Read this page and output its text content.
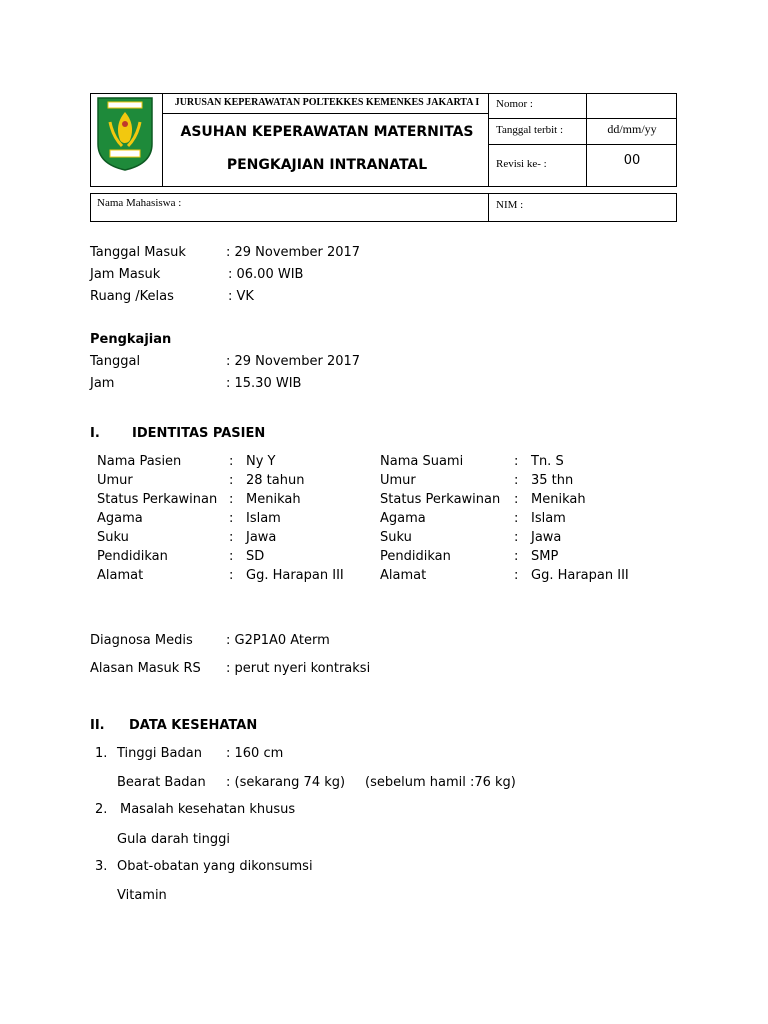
JURUSAN KEPERAWATAN POLTEKKES KEMENKES JAKARTA I
ASUHAN KEPERAWATAN MATERNITAS
PENGKAJIAN INTRANATAL
Nomor :
Tanggal terbit :	dd/mm/yy
Revisi ke- :	00
Nama Mahasiswa :	NIM :
Tanggal Masuk	: 29 November 2017
Jam Masuk	: 06.00 WIB
Ruang /Kelas	: VK
Pengkajian
Tanggal	: 29 November 2017
Jam	: 15.30 WIB
I. IDENTITAS PASIEN
Nama Pasien	: Ny Y	Nama Suami	: Tn. S
Umur	: 28 tahun	Umur	: 35 thn
Status Perkawinan : Menikah	Status Perkawinan : Menikah
Agama	: Islam	Agama	: Islam
Suku	: Jawa	Suku	: Jawa
Pendidikan	: SD	Pendidikan	: SMP
Alamat	: Gg. Harapan III	Alamat	: Gg. Harapan III
Diagnosa Medis	: G2P1A0 Aterm
Alasan Masuk RS : perut nyeri kontraksi
II. DATA KESEHATAN
1. Tinggi Badan : 160 cm
Bearat Badan : (sekarang 74 kg) (sebelum hamil :76 kg)
2. Masalah kesehatan khusus
Gula darah tinggi
3. Obat-obatan yang dikonsumsi
Vitamin
